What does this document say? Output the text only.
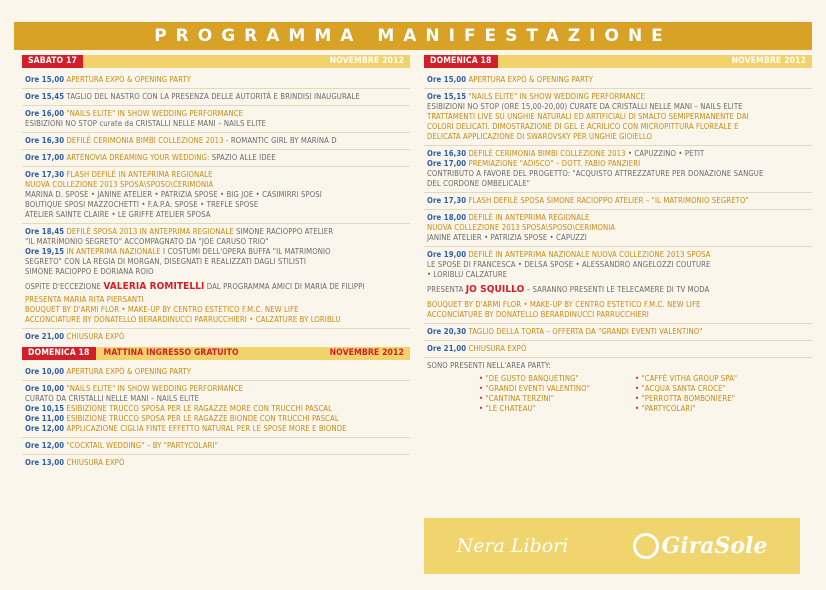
PROGRAMMA MANIFESTAZIONE
SABATO 17	NOVEMBRE 2012
Ore 15,00 APERTURA EXPÒ & OPENING PARTY
Ore 15,45 TAGLIO DEL NASTRO CON LA PRESENZA DELLE AUTORITÀ E BRINDISI INAUGURALE
Ore 16,00 "NAILS ELITE" IN SHOW WEDDING PERFORMANCE
ESIBIZIONI NO STOP curate da CRISTALLI NELLE MANI – NAILS ELITE
Ore 16,30 DEFILÈ CERIMONIA BIMBI COLLEZIONE 2013 - ROMANTIC GIRL BY MARINA D
Ore 17,00 ARTENOVIA DREAMING YOUR WEDDING: SPAZIO ALLE IDEE
Ore 17,30 FLASH DEFILÈ IN ANTEPRIMA REGIONALE
NUOVA COLLEZIONE 2013 SPOSA\SPOSO\CERIMONIA
MARINA D. SPOSE • JANINE ATELIER • PATRIZIA SPOSE • BIG JOE • CASIMIRRI SPOSI
BOUTIQUE SPOSI MAZZOCHETTI • F.A.P.A. SPOSE • TREFLE SPOSE
ATELIER SAINTE CLAIRE • LE GRIFFE ATELIER SPOSA
Ore 18,45 DEFILÈ SPOSA 2013 IN ANTEPRIMA REGIONALE SIMONE RACIOPPO ATELIER
"IL MATRIMONIO SEGRETO" ACCOMPAGNATO DA "JOE CARUSO TRIO"
Ore 19,15 IN ANTEPRIMA NAZIONALE I COSTUMI DELL'OPERA BUFFA "IL MATRIMONIO
SEGRETO" CON LA REGIA DI MORGAN, DISEGNATI E REALIZZATI DAGLI STILISTI
SIMONE RACIOPPO E DORIANA ROIO
OSPITE D'ECCEZIONE VALERIA ROMITELLI DAL PROGRAMMA AMICI DI MARIA DE FILIPPI
PRESENTA MARIA RITA PIERSANTI
BOUQUET BY D'ARMI FLOR • MAKE-UP BY CENTRO ESTETICO F.M.C. NEW LIFE
ACCONCIATURE BY DONATELLO BERARDINUCCI PARRUCCHIERI • CALZATURE BY LORIBLU
Ore 21,00 CHIUSURA EXPÒ
DOMENICA 18	MATTINA INGRESSO GRATUITO	NOVEMBRE 2012
Ore 10,00 APERTURA EXPÒ & OPENING PARTY
Ore 10,00 "NAILS ELITE" IN SHOW WEDDING PERFORMANCE
CURATO DA CRISTALLI NELLE MANI – NAILS ELITE
Ore 10,15 ESIBIZIONE TRUCCO SPOSA PER LE RAGAZZE MORE CON TRUCCHI PASCAL
Ore 11,00 ESIBIZIONE TRUCCO SPOSA PER LE RAGAZZE BIONDE CON TRUCCHI PASCAL
Ore 12,00 APPLICAZIONE CIGLIA FINTE EFFETTO NATURAL PER LE SPOSE MORE E BIONDE
Ore 12,00 "COCKTAIL WEDDING" – BY "PARTYCOLARI"
Ore 13,00 CHIUSURA EXPÒ
DOMENICA 18	NOVEMBRE 2012
Ore 15,00 APERTURA EXPÒ & OPENING PARTY
Ore 15,15 "NAILS ELITE" IN SHOW WEDDING PERFORMANCE
ESIBIZIONI NO STOP (ORE 15,00-20,00) CURATE DA CRISTALLI NELLE MANI – NAILS ELITE
TRATTAMENTI LIVE SU UNGHIE NATURALI ED ARTIFICIALI DI SMALTO SEMIPERMANENTE DAI
COLORI DELICATI. DIMOSTRAZIONE DI GEL E ACRILICO CON MICROPITTURA FLOREALE E
DELICATA APPLICAZIONE DI SWAROVSKY PER UNGHIE GIOIELLO
Ore 16,30 DEFILÈ CERIMONIA BIMBI COLLEZIONE 2013 • CAPUZZINO • PETIT
Ore 17,00 PREMIAZIONE "ADISCO" – DOTT. FABIO PANZIERI
CONTRIBUTO A FAVORE DEL PROGETTO: "ACQUISTO ATTREZZATURE PER DONAZIONE SANGUE
DEL CORDONE OMBELICALE"
Ore 17,30 FLASH DEFILÈ SPOSA SIMONE RACIOPPO ATELIER – "IL MATRIMONIO SEGRETO"
Ore 18,00 DEFILÈ IN ANTEPRIMA REGIONALE
NUOVA COLLEZIONE 2013 SPOSA\SPOSO\CERIMONIA
JANINE ATELIER • PATRIZIA SPOSE • CAPUZZI
Ore 19,00 DEFILÈ IN ANTEPRIMA NAZIONALE NUOVA COLLEZIONE 2013 SPOSA
LE SPOSE DI FRANCESCA • DELSA SPOSE • ALESSANDRO ANGELOZZI COUTURE
• LORIBLU CALZATURE
PRESENTA JO SQUILLO – SARANNO PRESENTI LE TELECAMERE DI TV MODA
BOUQUET BY D'ARMI FLOR • MAKE-UP BY CENTRO ESTETICO F.M.C. NEW LIFE
ACCONCIATURE BY DONATELLO BERARDINUCCI PARRUCCHIERI
Ore 20,30 TAGLIO DELLA TORTA – OFFERTA DA "GRANDI EVENTI VALENTINO"
Ore 21,00 CHIUSURA EXPÒ
SONO PRESENTI NELL'AREA PARTY:
• "DE GUSTO BANQUETING"	• "CAFFÈ VITHA GROUP SPA"
• "GRANDI EVENTI VALENTINO"	• "ACQUA SANTA CROCE"
• "CANTINA TERZINI"	• "PERROTTA BOMBONIERE"
• "LE CHATEAU"	• "PARTYCOLARI"
Nera Libori	GiraSole
